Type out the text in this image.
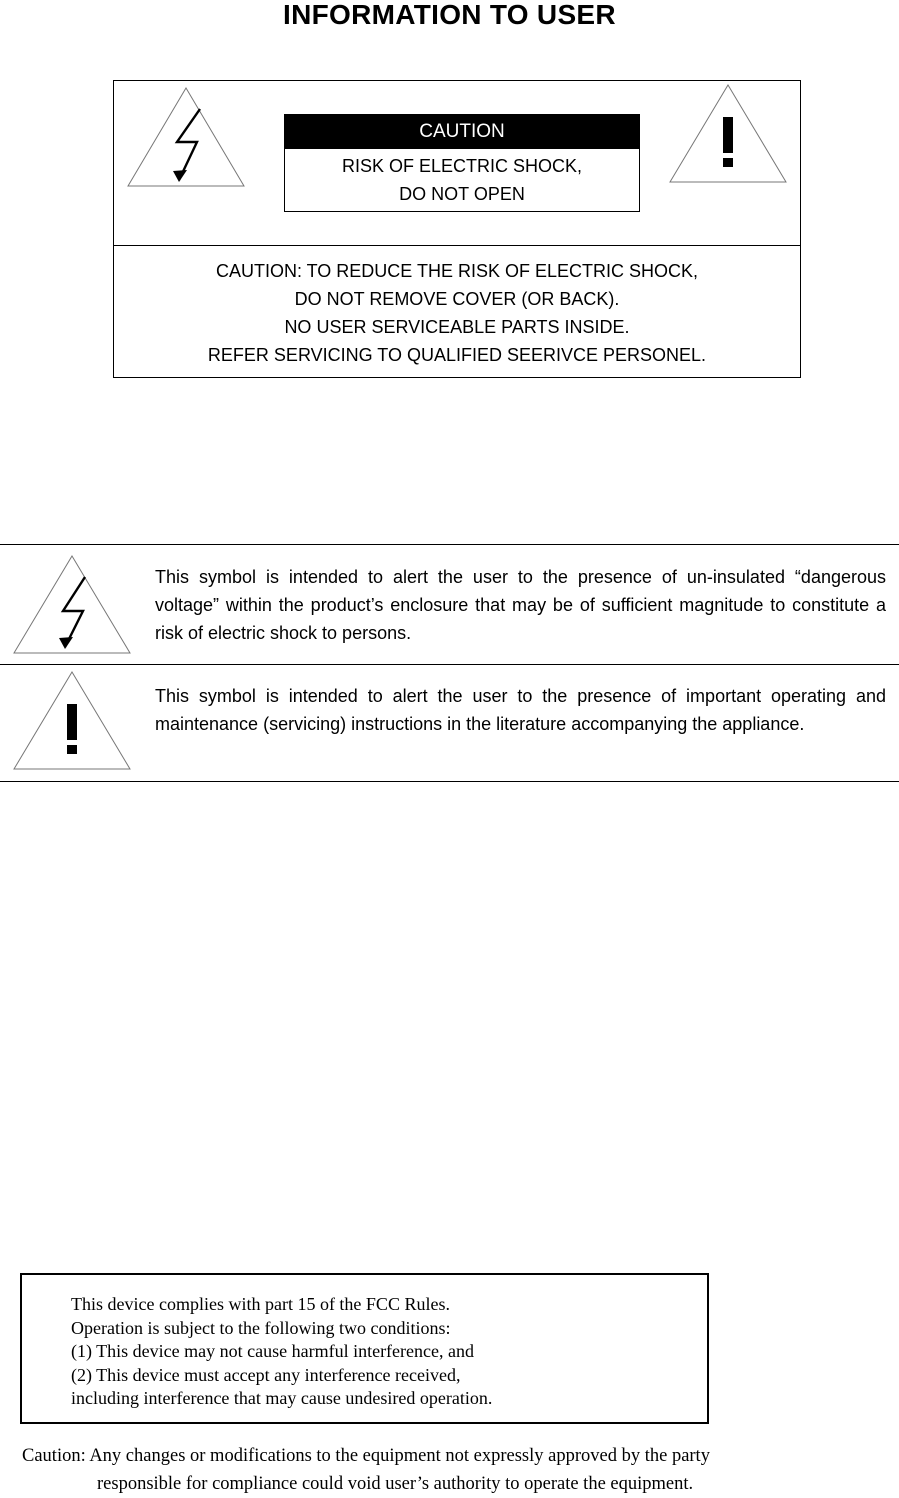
INFORMATION TO USER
CAUTION
RISK OF ELECTRIC SHOCK,
DO NOT OPEN
CAUTION: TO REDUCE THE RISK OF ELECTRIC SHOCK,
DO NOT REMOVE COVER (OR BACK).
NO USER SERVICEABLE PARTS INSIDE.
REFER SERVICING TO QUALIFIED SEERIVCE PERSONEL.
This symbol is intended to alert the user to the presence of un-insulated “dangerous voltage” within the product’s enclosure that may be of sufficient magnitude to constitute a risk of electric shock to persons.
This symbol is intended to alert the user to the presence of important operating and maintenance (servicing) instructions in the literature accompanying the appliance.
This device complies with part 15 of the FCC Rules.
Operation is subject to the following two conditions:
(1) This device may not cause harmful interference, and
(2) This device must accept any interference received,
including interference that may cause undesired operation.
Caution: Any changes or modifications to the equipment not expressly approved by the party
responsible for compliance could void user’s authority to operate the equipment.
